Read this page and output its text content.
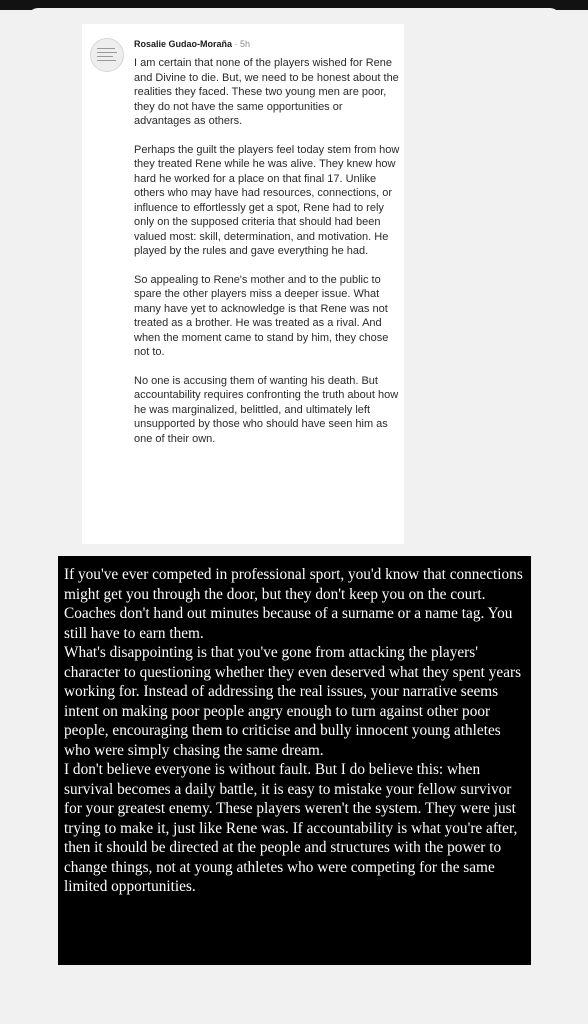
Rosalie Gudao-Moraña · 5h

I am certain that none of the players wished for Rene and Divine to die. But, we need to be honest about the realities they faced. These two young men are poor, they do not have the same opportunities or advantages as others.

Perhaps the guilt the players feel today stem from how they treated Rene while he was alive. They knew how hard he worked for a place on that final 17. Unlike others who may have had resources, connections, or influence to effortlessly get a spot, Rene had to rely only on the supposed criteria that should had been valued most: skill, determination, and motivation. He played by the rules and gave everything he had.

So appealing to Rene's mother and to the public to spare the other players miss a deeper issue. What many have yet to acknowledge is that Rene was not treated as a brother. He was treated as a rival. And when the moment came to stand by him, they chose not to.

No one is accusing them of wanting his death. But accountability requires confronting the truth about how he was marginalized, belittled, and ultimately left unsupported by those who should have seen him as one of their own.

If you've ever competed in professional sport, you'd know that connections might get you through the door, but they don't keep you on the court. Coaches don't hand out minutes because of a surname or a name tag. You still have to earn them.

What's disappointing is that you've gone from attacking the players' character to questioning whether they even deserved what they spent years working for. Instead of addressing the real issues, your narrative seems intent on making poor people angry enough to turn against other poor people, encouraging them to criticise and bully innocent young athletes who were simply chasing the same dream.

I don't believe everyone is without fault. But I do believe this: when survival becomes a daily battle, it is easy to mistake your fellow survivor for your greatest enemy. These players weren't the system. They were just trying to make it, just like Rene was. If accountability is what you're after, then it should be directed at the people and structures with the power to change things, not at young athletes who were competing for the same limited opportunities.
